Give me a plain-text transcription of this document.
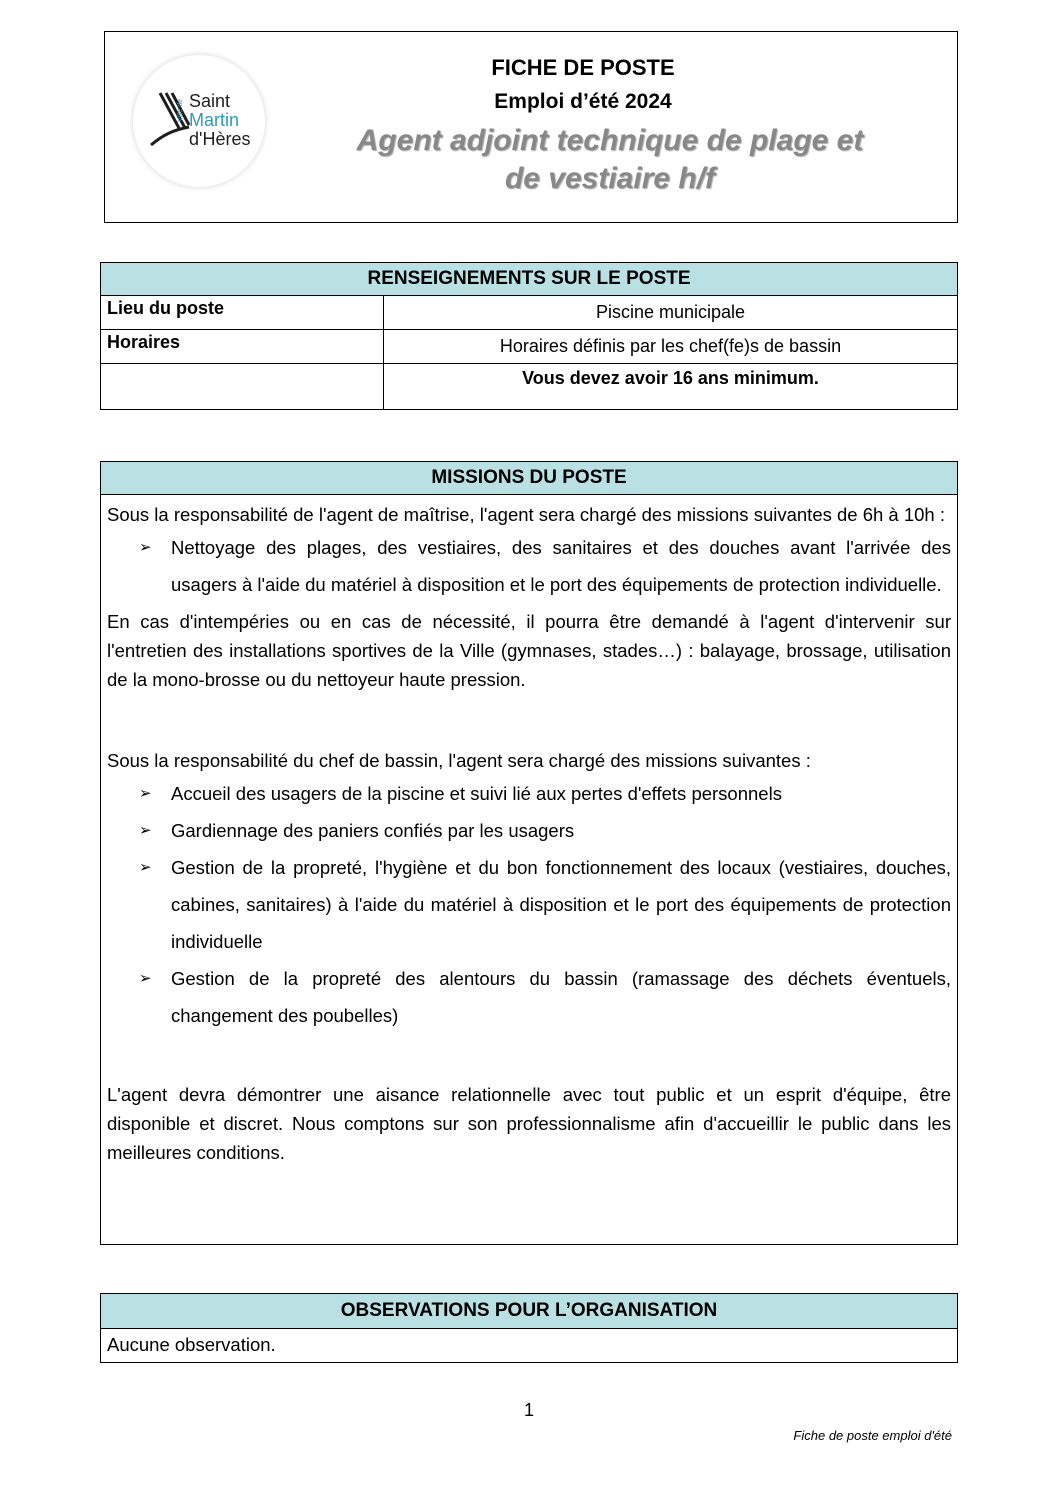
Ville de Saint
Martin
d'Hères
FICHE DE POSTE
Emploi d’été 2024
Agent adjoint technique de plage et
de vestiaire h/f
RENSEIGNEMENTS SUR LE POSTE	
Lieu du poste	Piscine municipale
Horaires	Horaires définis par les chef(fe)s de bassin
	Vous devez avoir 16 ans minimum.
MISSIONS DU POSTE

Sous la responsabilité de l'agent de maîtrise, l'agent sera chargé des missions suivantes de 6h à 10h :

➢ Nettoyage des plages, des vestiaires, des sanitaires et des douches avant l'arrivée des usagers à l'aide du matériel à disposition et le port des équipements de protection individuelle.

En cas d'intempéries ou en cas de nécessité, il pourra être demandé à l'agent d'intervenir sur l'entretien des installations sportives de la Ville (gymnases, stades…) : balayage, brossage, utilisation de la mono-brosse ou du nettoyeur haute pression.

Sous la responsabilité du chef de bassin, l'agent sera chargé des missions suivantes :

➢ Accueil des usagers de la piscine et suivi lié aux pertes d'effets personnels
➢ Gardiennage des paniers confiés par les usagers
➢ Gestion de la propreté, l'hygiène et du bon fonctionnement des locaux (vestiaires, douches, cabines, sanitaires) à l'aide du matériel à disposition et le port des équipements de protection individuelle
➢ Gestion de la propreté des alentours du bassin (ramassage des déchets éventuels, changement des poubelles)

L'agent devra démontrer une aisance relationnelle avec tout public et un esprit d'équipe, être disponible et discret. Nous comptons sur son professionnalisme afin d'accueillir le public dans les meilleures conditions.

OBSERVATIONS POUR L’ORGANISATION
Aucune observation.
1
Fiche de poste emploi d'été
